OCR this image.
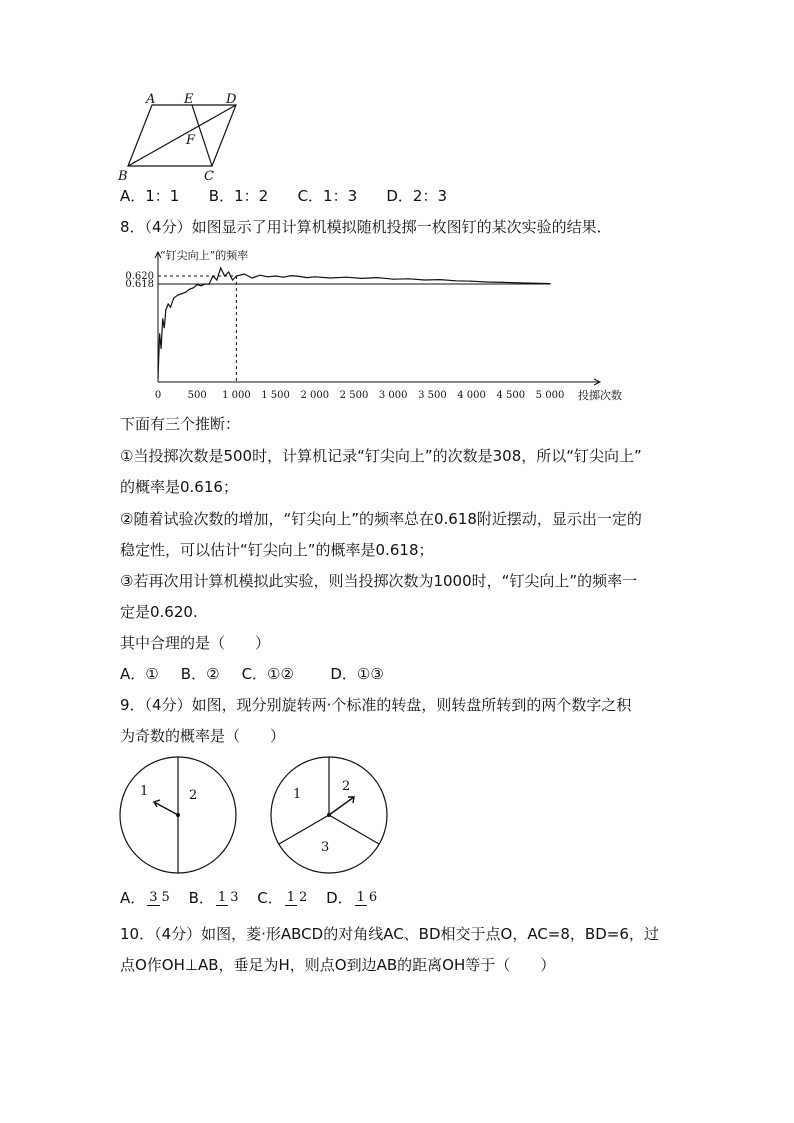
A E	D
F
B	C
A．1：1 B．1：2 C．1：3 D．2：3
8．（4分）如图显示了用计算机模拟随机投掷一枚图钉的某次实验的结果．
0.620
0.618
0	500 1 000 1 500 2 000 2 500 3 000 3 500 4 000 4 500 5 000
“钉尖向上”的频率
投掷次数
下面有三个推断：
①当投掷次数是500时，计算机记录“钉尖向上”的次数是308，所以“钉尖向上”
的概率是0.616；
②随着试验次数的增加，“钉尖向上”的频率总在0.618附近摆动，显示出一定的
稳定性，可以估计“钉尖向上”的概率是0.618；
③若再次用计算机模拟此实验，则当投掷次数为1000时，“钉尖向上”的频率一
定是0.620.
其中合理的是（　　）
A．① B．② C．①② D．①③
9．（4分）如图，现分别旋转两·个标准的转盘，则转盘所转到的两个数字之积
为奇数的概率是（　　）
1	2	1
2
3
A． 3 5 B． 1 3 C． 1 2 D． 1 6
10．（4分）如图，菱·形ABCD的对角线AC、BD相交于点O，AC=8，BD=6，过
点O作OH⊥AB，垂足为H，则点O到边AB的距离OH等于（　　）
